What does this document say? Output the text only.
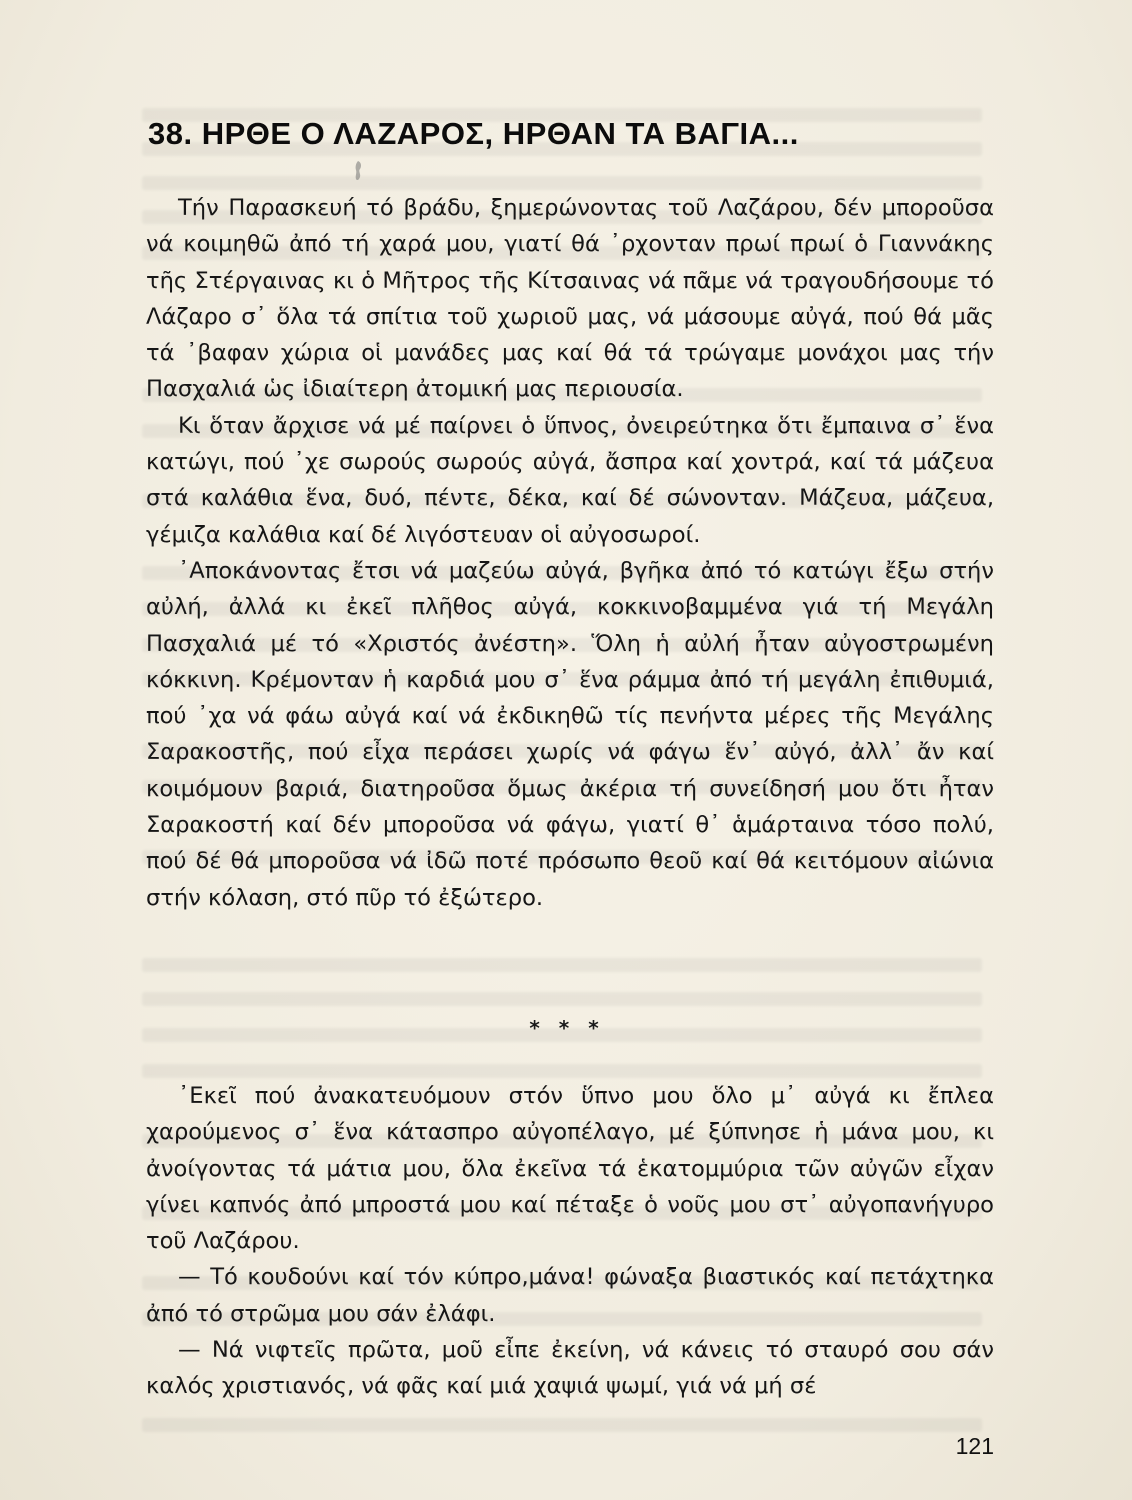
38. ΗΡΘΕ Ο ΛΑΖΑΡΟΣ, ΗΡΘΑΝ ΤΑ ΒΑΓΙΑ...

Τήν Παρασκευή τό βράδυ, ξημερώνοντας τοῦ Λαζάρου, δέν μποροῦσα νά κοιμηθῶ ἀπό τή χαρά μου, γιατί θά ᾽ρχονταν πρωί πρωί ὁ Γιαννάκης τῆς Στέργαινας κι ὁ Μῆτρος τῆς Κίτσαινας νά πᾶμε νά τραγουδήσουμε τό Λάζαρο σ᾽ ὅλα τά σπίτια τοῦ χωριοῦ μας, νά μάσουμε αὐγά, πού θά μᾶς τά ᾽βαφαν χώρια οἱ μανάδες μας καί θά τά τρώγαμε μονάχοι μας τήν Πασχαλιά ὡς ἰδιαίτερη ἀτομική μας περιουσία.

Κι ὅταν ἄρχισε νά μέ παίρνει ὁ ὕπνος, ὀνειρεύτηκα ὅτι ἔμπαινα σ᾽ ἕνα κατώγι, πού ᾽χε σωρούς σωρούς αὐγά, ἄσπρα καί χοντρά, καί τά μάζευα στά καλάθια ἕνα, δυό, πέντε, δέκα, καί δέ σώνονταν. Μάζευα, μάζευα, γέμιζα καλάθια καί δέ λιγόστευαν οἱ αὐγοσωροί.

᾽Αποκάνοντας ἔτσι νά μαζεύω αὐγά, βγῆκα ἀπό τό κατώγι ἔξω στήν αὐλή, ἀλλά κι ἐκεῖ πλῆθος αὐγά, κοκκινοβαμμένα γιά τή Μεγάλη Πασχαλιά μέ τό «Χριστός ἀνέστη». Ὅλη ἡ αὐλή ἦταν αὐγοστρωμένη κόκκινη. Κρέμονταν ἡ καρδιά μου σ᾽ ἕνα ράμμα ἀπό τή μεγάλη ἐπιθυμιά, πού ᾽χα νά φάω αὐγά καί νά ἐκδικηθῶ τίς πενήντα μέρες τῆς Μεγάλης Σαρακοστῆς, πού εἶχα περάσει χωρίς νά φάγω ἕν᾽ αὐγό, ἀλλ᾽ ἄν καί κοιμόμουν βαριά, διατηροῦσα ὅμως ἀκέρια τή συνείδησή μου ὅτι ἦταν Σαρακοστή καί δέν μποροῦσα νά φάγω, γιατί θ᾽ ἁμάρταινα τόσο πολύ, πού δέ θά μποροῦσα νά ἰδῶ ποτέ πρόσωπο θεοῦ καί θά κειτόμουν αἰώνια στήν κόλαση, στό πῦρ τό ἐξώτερο.

* * *

᾽Εκεῖ πού ἀνακατευόμουν στόν ὕπνο μου ὅλο μ᾽ αὐγά κι ἔπλεα χαρούμενος σ᾽ ἕνα κάτασπρο αὐγοπέλαγο, μέ ξύπνησε ἡ μάνα μου, κι ἀνοίγοντας τά μάτια μου, ὅλα ἐκεῖνα τά ἑκατομμύρια τῶν αὐγῶν εἶχαν γίνει καπνός ἀπό μπροστά μου καί πέταξε ὁ νοῦς μου στ᾽ αὐγοπανήγυρο τοῦ Λαζάρου.

— Τό κουδούνι καί τόν κύπρο,μάνα! φώναξα βιαστικός καί πετάχτηκα ἀπό τό στρῶμα μου σάν ἐλάφι.

— Νά νιφτεῖς πρῶτα, μοῦ εἶπε ἐκείνη, νά κάνεις τό σταυρό σου σάν καλός χριστιανός, νά φᾶς καί μιά χαψιά ψωμί, γιά νά μή σέ

121
